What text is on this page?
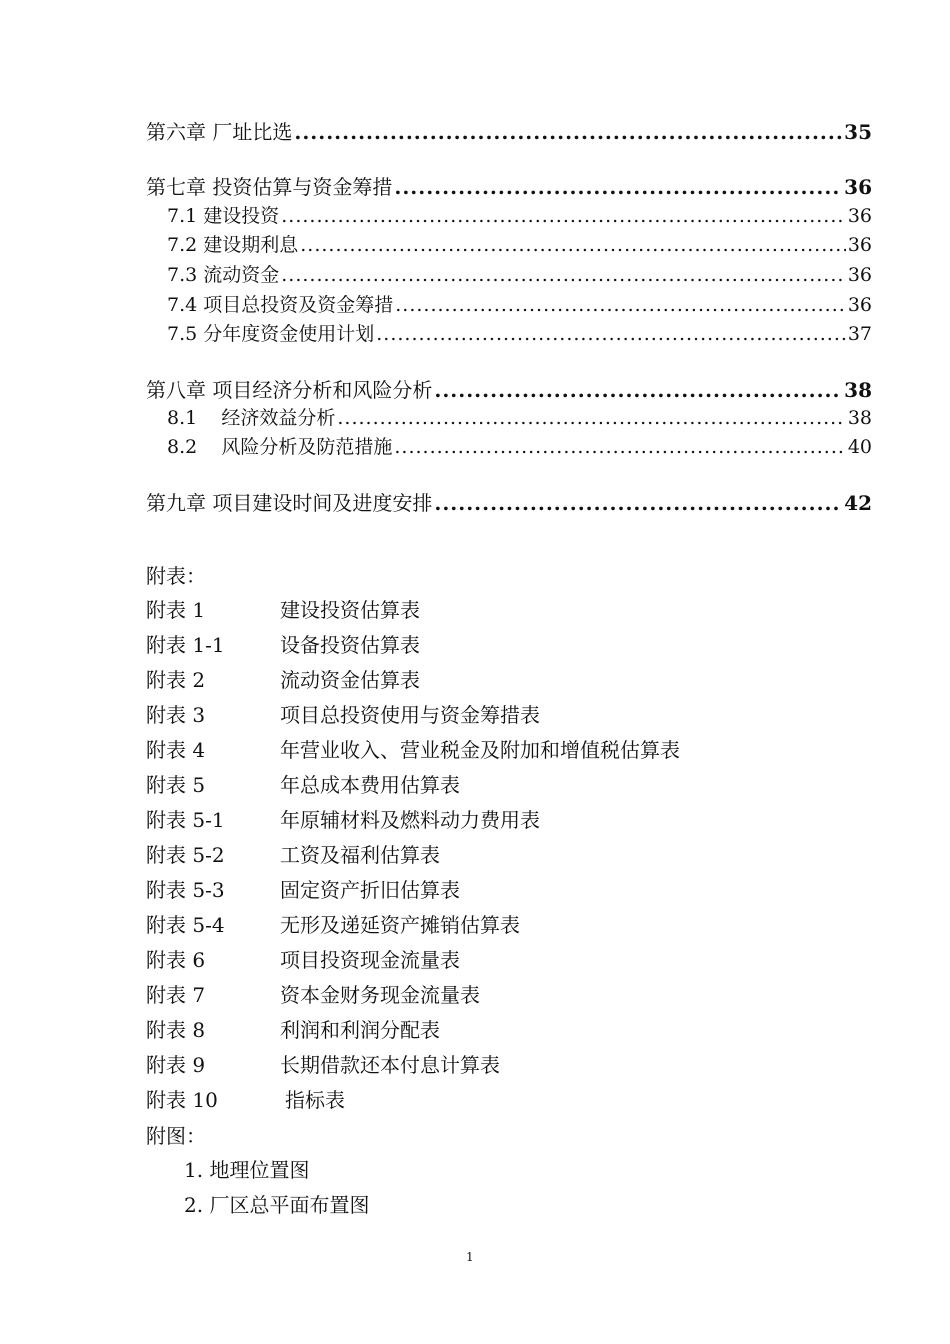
第六章 厂址比选 .....	35
第七章 投资估算与资金筹措 .....	36
7.1 建设投资 .....	36
7.2 建设期利息 .....	36
7.3 流动资金 .....	36
7.4 项目总投资及资金筹措 .....	36
7.5 分年度资金使用计划 .....	37
第八章 项目经济分析和风险分析 .....	38
8.1    经济效益分析 .....	38
8.2    风险分析及防范措施 .....	40
第九章 项目建设时间及进度安排 .....	42
附表：
附表 1	建设投资估算表
附表 1-1	设备投资估算表
附表 2	流动资金估算表
附表 3	项目总投资使用与资金筹措表
附表 4	年营业收入、营业税金及附加和增值税估算表
附表 5	年总成本费用估算表
附表 5-1	年原辅材料及燃料动力费用表
附表 5-2	工资及福利估算表
附表 5-3	固定资产折旧估算表
附表 5-4	无形及递延资产摊销估算表
附表 6	项目投资现金流量表
附表 7	资本金财务现金流量表
附表 8	利润和利润分配表
附表 9	长期借款还本付息计算表
附表 10	指标表
附图：
1. 地理位置图
2. 厂区总平面布置图
1
